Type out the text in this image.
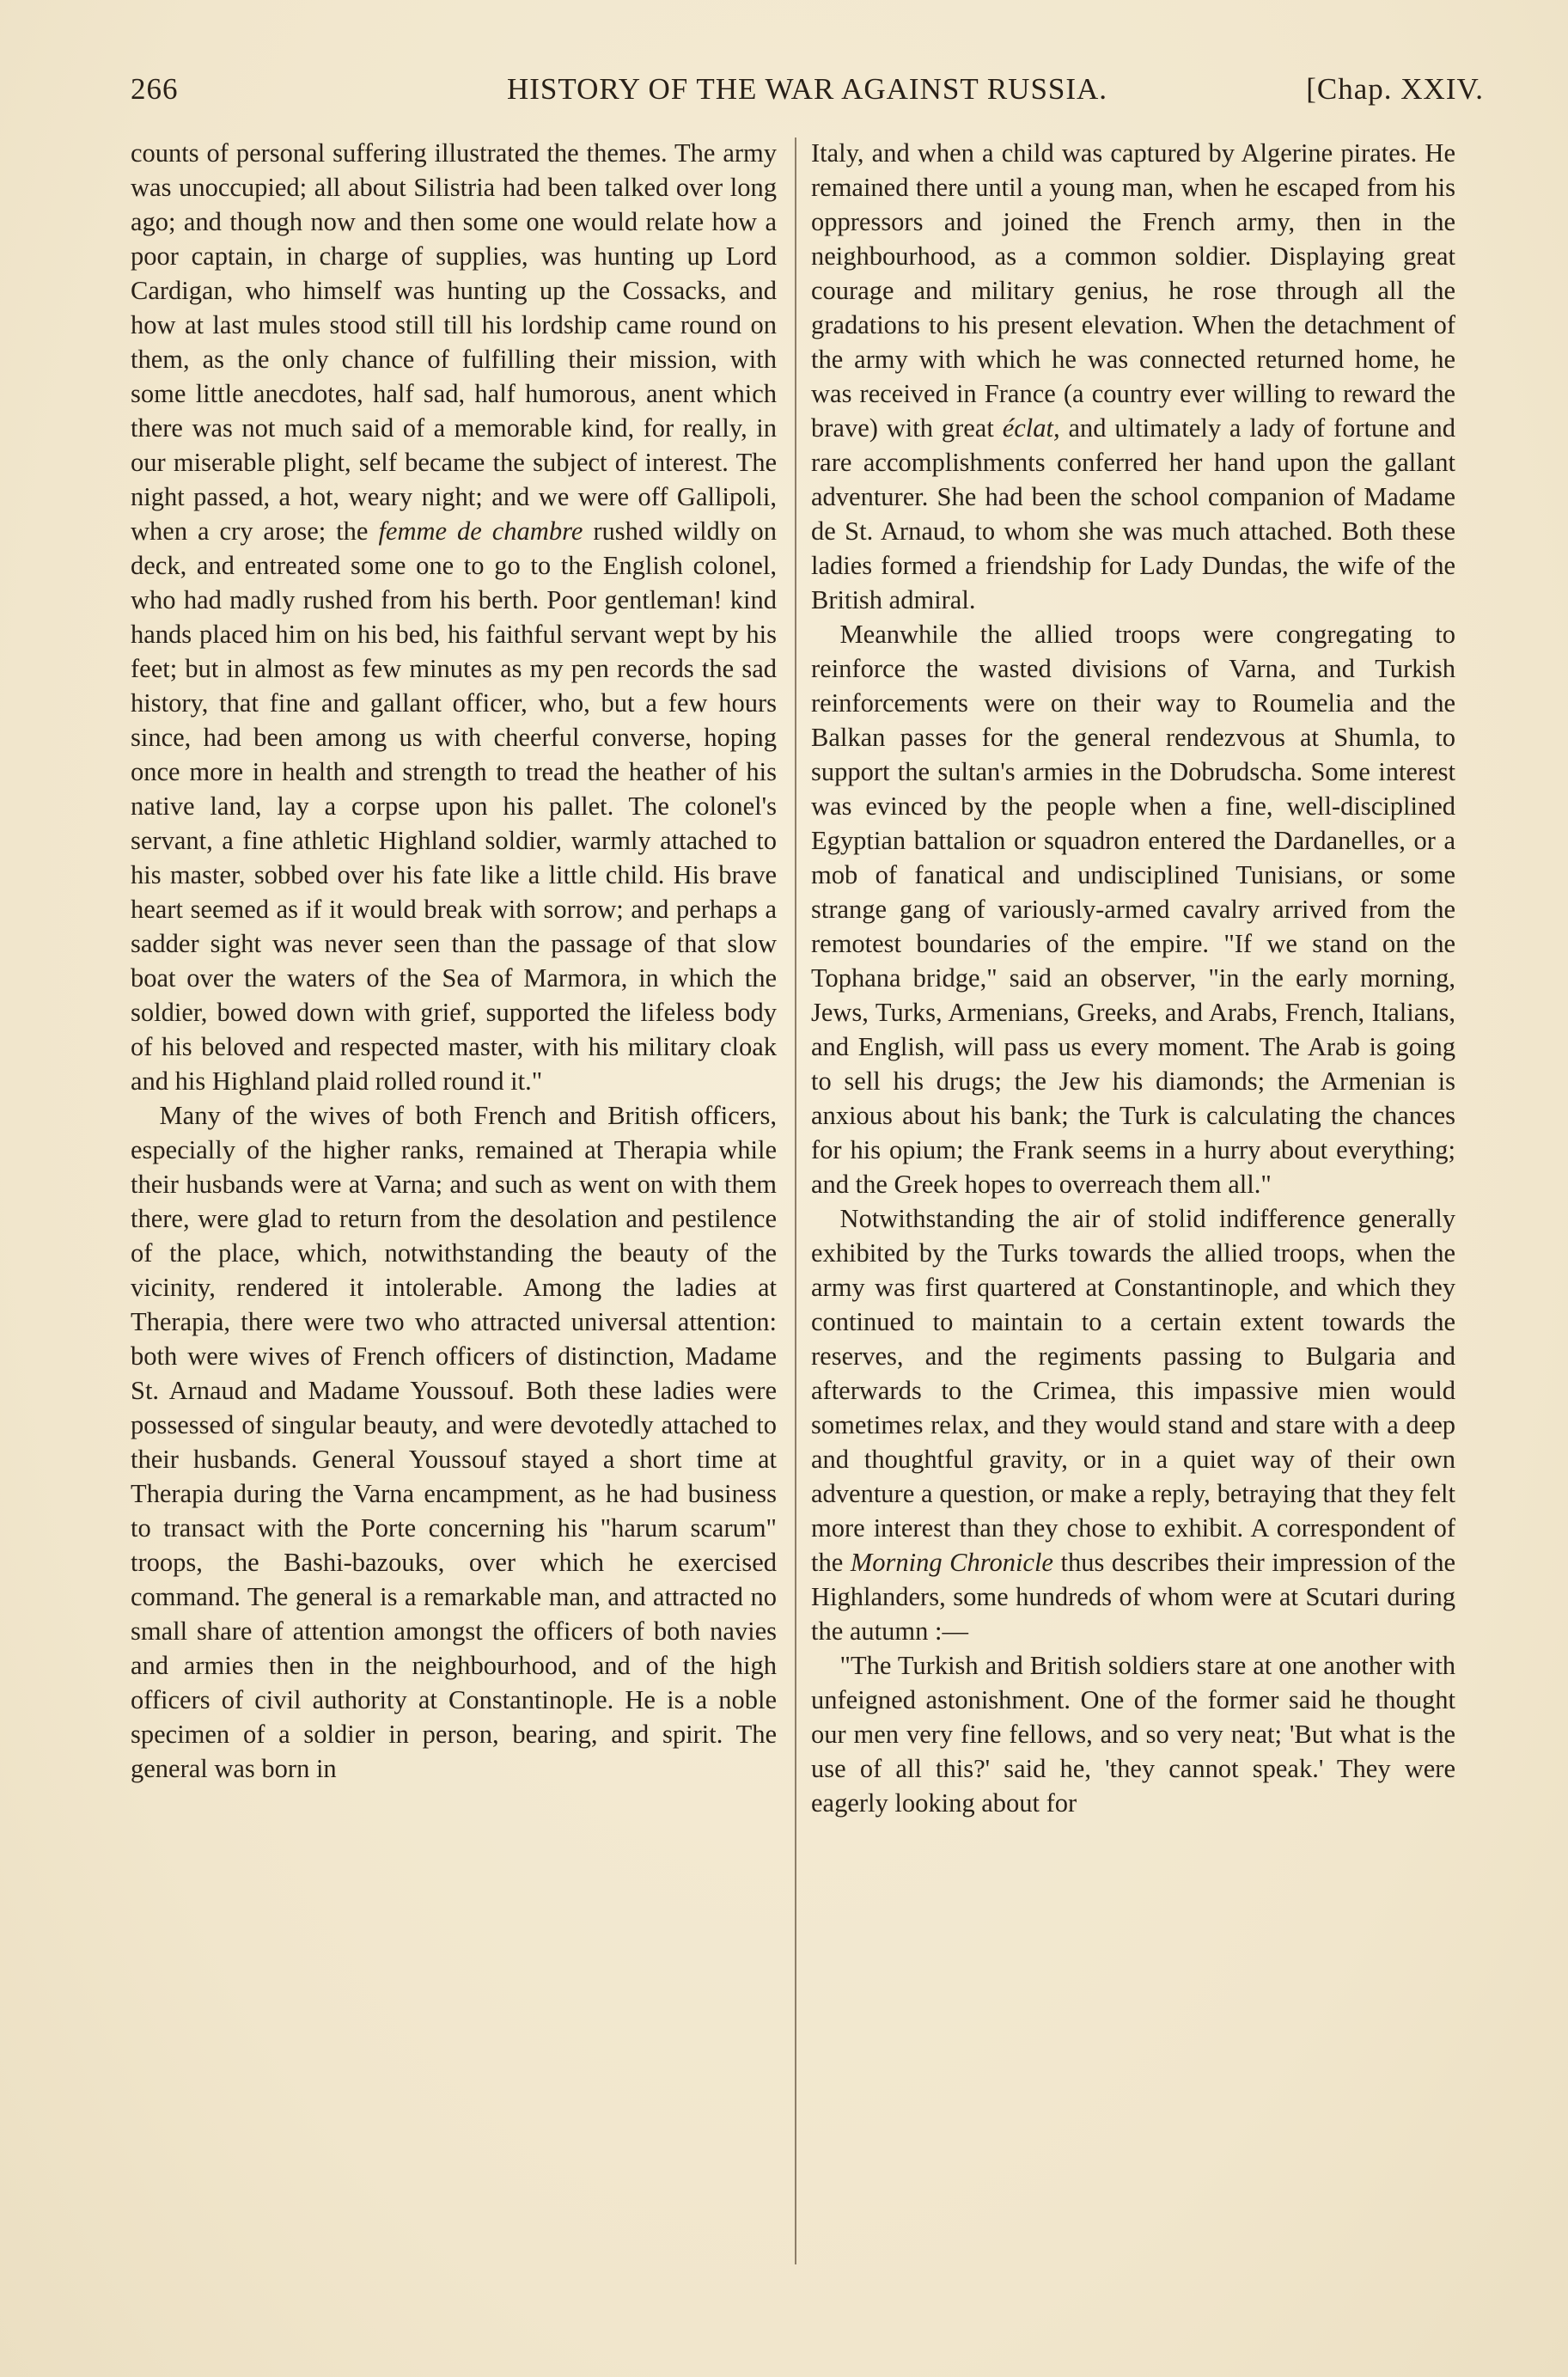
266	HISTORY OF THE WAR AGAINST RUSSIA.	[Chap. XXIV.

counts of personal suffering illustrated the themes. The army was unoccupied; all about Silistria had been talked over long ago; and though now and then some one would relate how a poor captain, in charge of supplies, was hunting up Lord Cardigan, who himself was hunting up the Cossacks, and how at last mules stood still till his lordship came round on them, as the only chance of fulfilling their mission, with some little anecdotes, half sad, half humorous, anent which there was not much said of a memorable kind, for really, in our miserable plight, self became the subject of interest. The night passed, a hot, weary night; and we were off Gallipoli, when a cry arose; the femme de chambre rushed wildly on deck, and entreated some one to go to the English colonel, who had madly rushed from his berth. Poor gentleman! kind hands placed him on his bed, his faithful servant wept by his feet; but in almost as few minutes as my pen records the sad history, that fine and gallant officer, who, but a few hours since, had been among us with cheerful converse, hoping once more in health and strength to tread the heather of his native land, lay a corpse upon his pallet. The colonel's servant, a fine athletic Highland soldier, warmly attached to his master, sobbed over his fate like a little child. His brave heart seemed as if it would break with sorrow; and perhaps a sadder sight was never seen than the passage of that slow boat over the waters of the Sea of Marmora, in which the soldier, bowed down with grief, supported the lifeless body of his beloved and respected master, with his military cloak and his Highland plaid rolled round it."

Many of the wives of both French and British officers, especially of the higher ranks, remained at Therapia while their husbands were at Varna; and such as went on with them there, were glad to return from the desolation and pestilence of the place, which, notwithstanding the beauty of the vicinity, rendered it intolerable. Among the ladies at Therapia, there were two who attracted universal attention: both were wives of French officers of distinction, Madame St. Arnaud and Madame Youssouf. Both these ladies were possessed of singular beauty, and were devotedly attached to their husbands. General Youssouf stayed a short time at Therapia during the Varna encampment, as he had business to transact with the Porte concerning his "harum scarum" troops, the Bashi-bazouks, over which he exercised command. The general is a remarkable man, and attracted no small share of attention amongst the officers of both navies and armies then in the neighbourhood, and of the high officers of civil authority at Constantinople. He is a noble specimen of a soldier in person, bearing, and spirit. The general was born in

Italy, and when a child was captured by Algerine pirates. He remained there until a young man, when he escaped from his oppressors and joined the French army, then in the neighbourhood, as a common soldier. Displaying great courage and military genius, he rose through all the gradations to his present elevation. When the detachment of the army with which he was connected returned home, he was received in France (a country ever willing to reward the brave) with great éclat, and ultimately a lady of fortune and rare accomplishments conferred her hand upon the gallant adventurer. She had been the school companion of Madame de St. Arnaud, to whom she was much attached. Both these ladies formed a friendship for Lady Dundas, the wife of the British admiral.

Meanwhile the allied troops were congregating to reinforce the wasted divisions of Varna, and Turkish reinforcements were on their way to Roumelia and the Balkan passes for the general rendezvous at Shumla, to support the sultan's armies in the Dobrudscha. Some interest was evinced by the people when a fine, well-disciplined Egyptian battalion or squadron entered the Dardanelles, or a mob of fanatical and undisciplined Tunisians, or some strange gang of variously-armed cavalry arrived from the remotest boundaries of the empire. "If we stand on the Tophana bridge," said an observer, "in the early morning, Jews, Turks, Armenians, Greeks, and Arabs, French, Italians, and English, will pass us every moment. The Arab is going to sell his drugs; the Jew his diamonds; the Armenian is anxious about his bank; the Turk is calculating the chances for his opium; the Frank seems in a hurry about everything; and the Greek hopes to overreach them all."

Notwithstanding the air of stolid indifference generally exhibited by the Turks towards the allied troops, when the army was first quartered at Constantinople, and which they continued to maintain to a certain extent towards the reserves, and the regiments passing to Bulgaria and afterwards to the Crimea, this impassive mien would sometimes relax, and they would stand and stare with a deep and thoughtful gravity, or in a quiet way of their own adventure a question, or make a reply, betraying that they felt more interest than they chose to exhibit. A correspondent of the Morning Chronicle thus describes their impression of the Highlanders, some hundreds of whom were at Scutari during the autumn :—

"The Turkish and British soldiers stare at one another with unfeigned astonishment. One of the former said he thought our men very fine fellows, and so very neat; 'But what is the use of all this?' said he, 'they cannot speak.' They were eagerly looking about for
